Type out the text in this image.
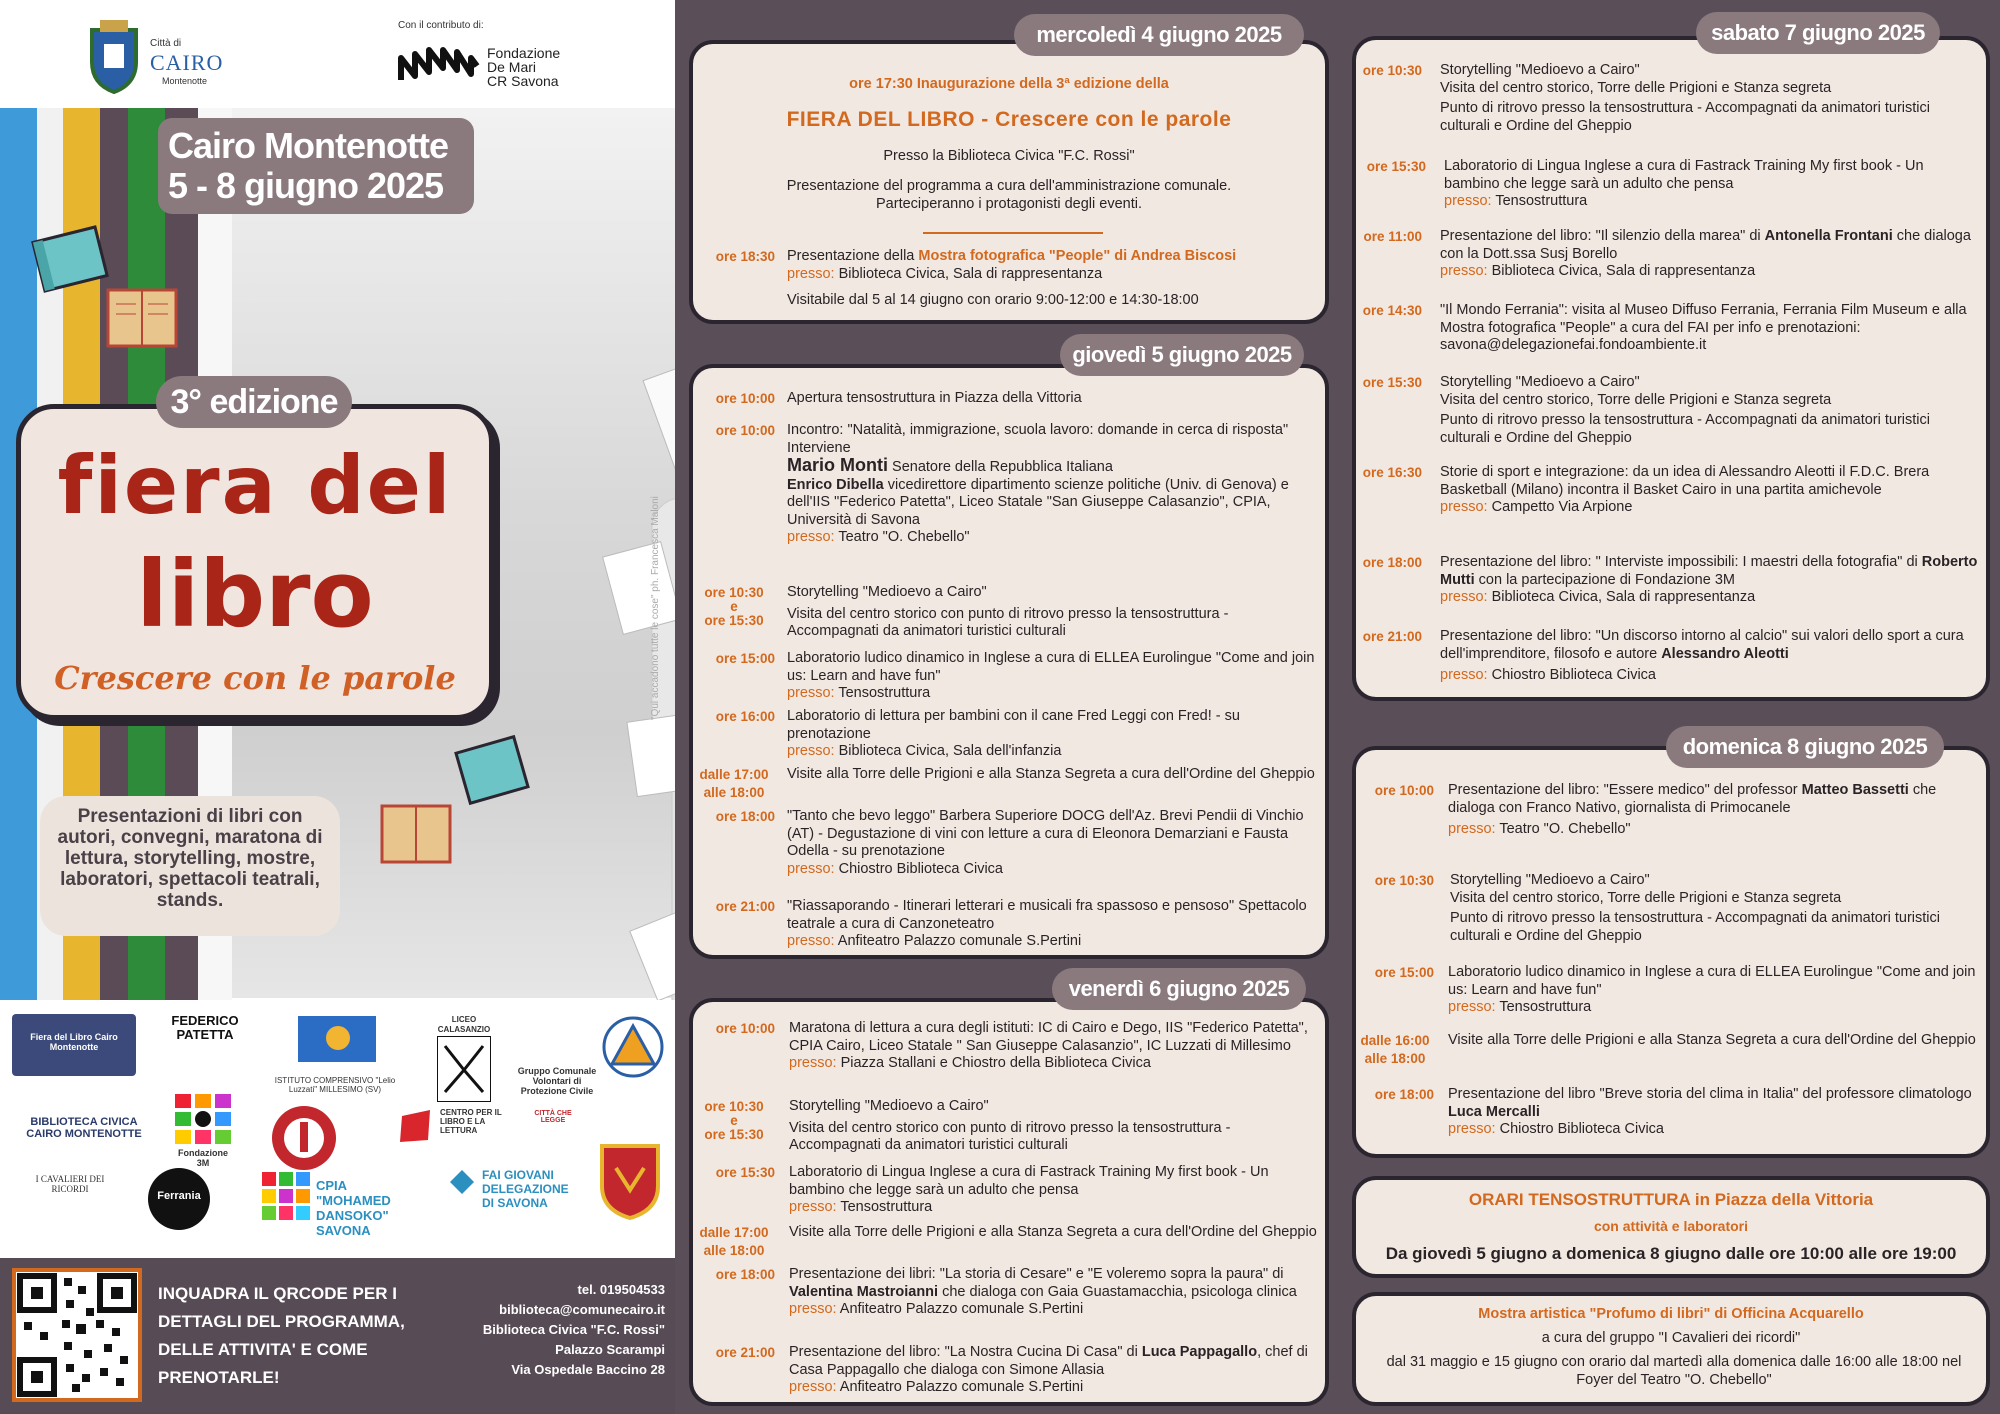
"Qui accadono tutte le cose" ph. Francesca Maloni
Città di
CAIRO
Montenotte
Con il contributo di:
Fondazione
De Mari
CR Savona
Cairo Montenotte
5 - 8 giugno 2025
fiera del
libro
Crescere con le parole
3° edizione
Presentazioni di libri con autori, convegni, maratona di lettura, storytelling, mostre, laboratori, spettacoli teatrali, stands.
Fiera del Libro Cairo Montenotte
FEDERICO PATETTA
ISTITUTO COMPRENSIVO "Lelio Luzzati" MILLESIMO (SV)
LICEO CALASANZIO
Gruppo Comunale Volontari di Protezione Civile
BIBLIOTECA CIVICA CAIRO MONTENOTTE
Fondazione 3M
CENTRO PER IL LIBRO E LA LETTURA
CITTÀ CHE LEGGE
I CAVALIERI DEI RICORDI
Ferrania
CPIA "MOHAMED DANSOKO" SAVONA
FAI GIOVANI DELEGAZIONE DI SAVONA
INQUADRA IL QRCODE PER I DETTAGLI DEL PROGRAMMA, DELLE ATTIVITA' E COME PRENOTARLE!
tel. 019504533
biblioteca@comunecairo.it
Biblioteca Civica "F.C. Rossi"
Palazzo Scarampi
Via Ospedale Baccino 28
ore 17:30 Inaugurazione della 3ª edizione della
FIERA DEL LIBRO - Crescere con le parole
Presso la Biblioteca Civica "F.C. Rossi"
Presentazione del programma a cura dell'amministrazione comunale.
Parteciperanno i protagonisti degli eventi.
ore 18:30 Presentazione della Mostra fotografica "People" di Andrea Biscosi
presso: Biblioteca Civica, Sala di rappresentanza
Visitabile dal 5 al 14 giugno con orario 9:00-12:00 e 14:30-18:00
mercoledì 4 giugno 2025
ore 10:00 Apertura tensostruttura in Piazza della Vittoria
ore 10:00 Incontro: "Natalità, immigrazione, scuola lavoro: domande in cerca di risposta"
Interviene
Mario Monti Senatore della Repubblica Italiana
Enrico Dibella vicedirettore dipartimento scienze politiche (Univ. di Genova) e dell'IIS "Federico Patetta", Liceo Statale "San Giuseppe Calasanzio", CPIA, Università di Savona
presso: Teatro "O. Chebello"
ore 10:30
e
ore 15:30
Storytelling "Medioevo a Cairo"
Visita del centro storico con punto di ritrovo presso la tensostruttura - Accompagnati da animatori turistici culturali
ore 15:00 Laboratorio ludico dinamico in Inglese a cura di ELLEA Eurolingue "Come and join us: Learn and have fun"
presso: Tensostruttura
ore 16:00 Laboratorio di lettura per bambini con il cane Fred Leggi con Fred! - su prenotazione
presso: Biblioteca Civica, Sala dell'infanzia
dalle 17:00
alle 18:00
Visite alla Torre delle Prigioni e alla Stanza Segreta a cura dell'Ordine del Gheppio
ore 18:00 "Tanto che bevo leggo" Barbera Superiore DOCG dell'Az. Brevi Pendii di Vinchio (AT) - Degustazione di vini con letture a cura di Eleonora Demarziani e Fausta Odella - su prenotazione
presso: Chiostro Biblioteca Civica
ore 21:00 "Riassaporando - Itinerari letterari e musicali fra spassoso e pensoso" Spettacolo teatrale a cura di Canzoneteatro
presso: Anfiteatro Palazzo comunale S.Pertini
giovedì 5 giugno 2025
ore 10:00 Maratona di lettura a cura degli istituti: IC di Cairo e Dego, IIS "Federico Patetta", CPIA Cairo, Liceo Statale " San Giuseppe Calasanzio", IC Luzzati di Millesimo
presso: Piazza Stallani e Chiostro della Biblioteca Civica
ore 10:30
e
ore 15:30
Storytelling "Medioevo a Cairo"
Visita del centro storico con punto di ritrovo presso la tensostruttura - Accompagnati da animatori turistici culturali
ore 15:30 Laboratorio di Lingua Inglese a cura di Fastrack Training My first book - Un bambino che legge sarà un adulto che pensa
presso: Tensostruttura
dalle 17:00
alle 18:00
Visite alla Torre delle Prigioni e alla Stanza Segreta a cura dell'Ordine del Gheppio
ore 18:00 Presentazione dei libri: "La storia di Cesare" e "E voleremo sopra la paura" di Valentina Mastroianni che dialoga con Gaia Guastamacchia, psicologa clinica
presso: Anfiteatro Palazzo comunale S.Pertini
ore 21:00 Presentazione del libro: "La Nostra Cucina Di Casa" di Luca Pappagallo, chef di Casa Pappagallo che dialoga con Simone Allasia
presso: Anfiteatro Palazzo comunale S.Pertini
venerdì 6 giugno 2025
ore 10:30 Storytelling "Medioevo a Cairo"
Visita del centro storico, Torre delle Prigioni e Stanza segreta
Punto di ritrovo presso la tensostruttura - Accompagnati da animatori turistici culturali e Ordine del Gheppio
ore 15:30 Laboratorio di Lingua Inglese a cura di Fastrack Training My first book - Un bambino che legge sarà un adulto che pensa
presso: Tensostruttura
ore 11:00 Presentazione del libro: "Il silenzio della marea" di Antonella Frontani che dialoga con la Dott.ssa Susj Borello
presso: Biblioteca Civica, Sala di rappresentanza
ore 14:30 "Il Mondo Ferrania": visita al Museo Diffuso Ferrania, Ferrania Film Museum e alla Mostra fotografica "People" a cura del FAI per info e prenotazioni: savona@delegazionefai.fondoambiente.it
ore 15:30 Storytelling "Medioevo a Cairo"
Visita del centro storico, Torre delle Prigioni e Stanza segreta
Punto di ritrovo presso la tensostruttura - Accompagnati da animatori turistici culturali e Ordine del Gheppio
ore 16:30 Storie di sport e integrazione: da un idea di Alessandro Aleotti il F.D.C. Brera Basketball (Milano) incontra il Basket Cairo in una partita amichevole
presso: Campetto Via Arpione
ore 18:00 Presentazione del libro: " Interviste impossibili: I maestri della fotografia" di Roberto Mutti con la partecipazione di Fondazione 3M
presso: Biblioteca Civica, Sala di rappresentanza
ore 21:00 Presentazione del libro: "Un discorso intorno al calcio" sui valori dello sport a cura dell'imprenditore, filosofo e autore Alessandro Aleotti
presso: Chiostro Biblioteca Civica
sabato 7 giugno 2025
ore 10:00 Presentazione del libro: "Essere medico" del professor Matteo Bassetti che dialoga con Franco Nativo, giornalista di Primocanele
presso: Teatro "O. Chebello"
ore 10:30 Storytelling "Medioevo a Cairo"
Visita del centro storico, Torre delle Prigioni e Stanza segreta
Punto di ritrovo presso la tensostruttura - Accompagnati da animatori turistici culturali e Ordine del Gheppio
ore 15:00 Laboratorio ludico dinamico in Inglese a cura di ELLEA Eurolingue "Come and join us: Learn and have fun"
presso: Tensostruttura
dalle 16:00
alle 18:00
Visite alla Torre delle Prigioni e alla Stanza Segreta a cura dell'Ordine del Gheppio
ore 18:00 Presentazione del libro "Breve storia del clima in Italia" del professore climatologo Luca Mercalli
presso: Chiostro Biblioteca Civica
domenica 8 giugno 2025
ORARI TENSOSTRUTTURA in Piazza della Vittoria
con attività e laboratori
Da giovedì 5 giugno a domenica 8 giugno dalle ore 10:00 alle ore 19:00
Mostra artistica "Profumo di libri" di Officina Acquarello
a cura del gruppo "I Cavalieri dei ricordi"
dal 31 maggio e 15 giugno con orario dal martedì alla domenica dalle 16:00 alle 18:00 nel Foyer del Teatro "O. Chebello"
